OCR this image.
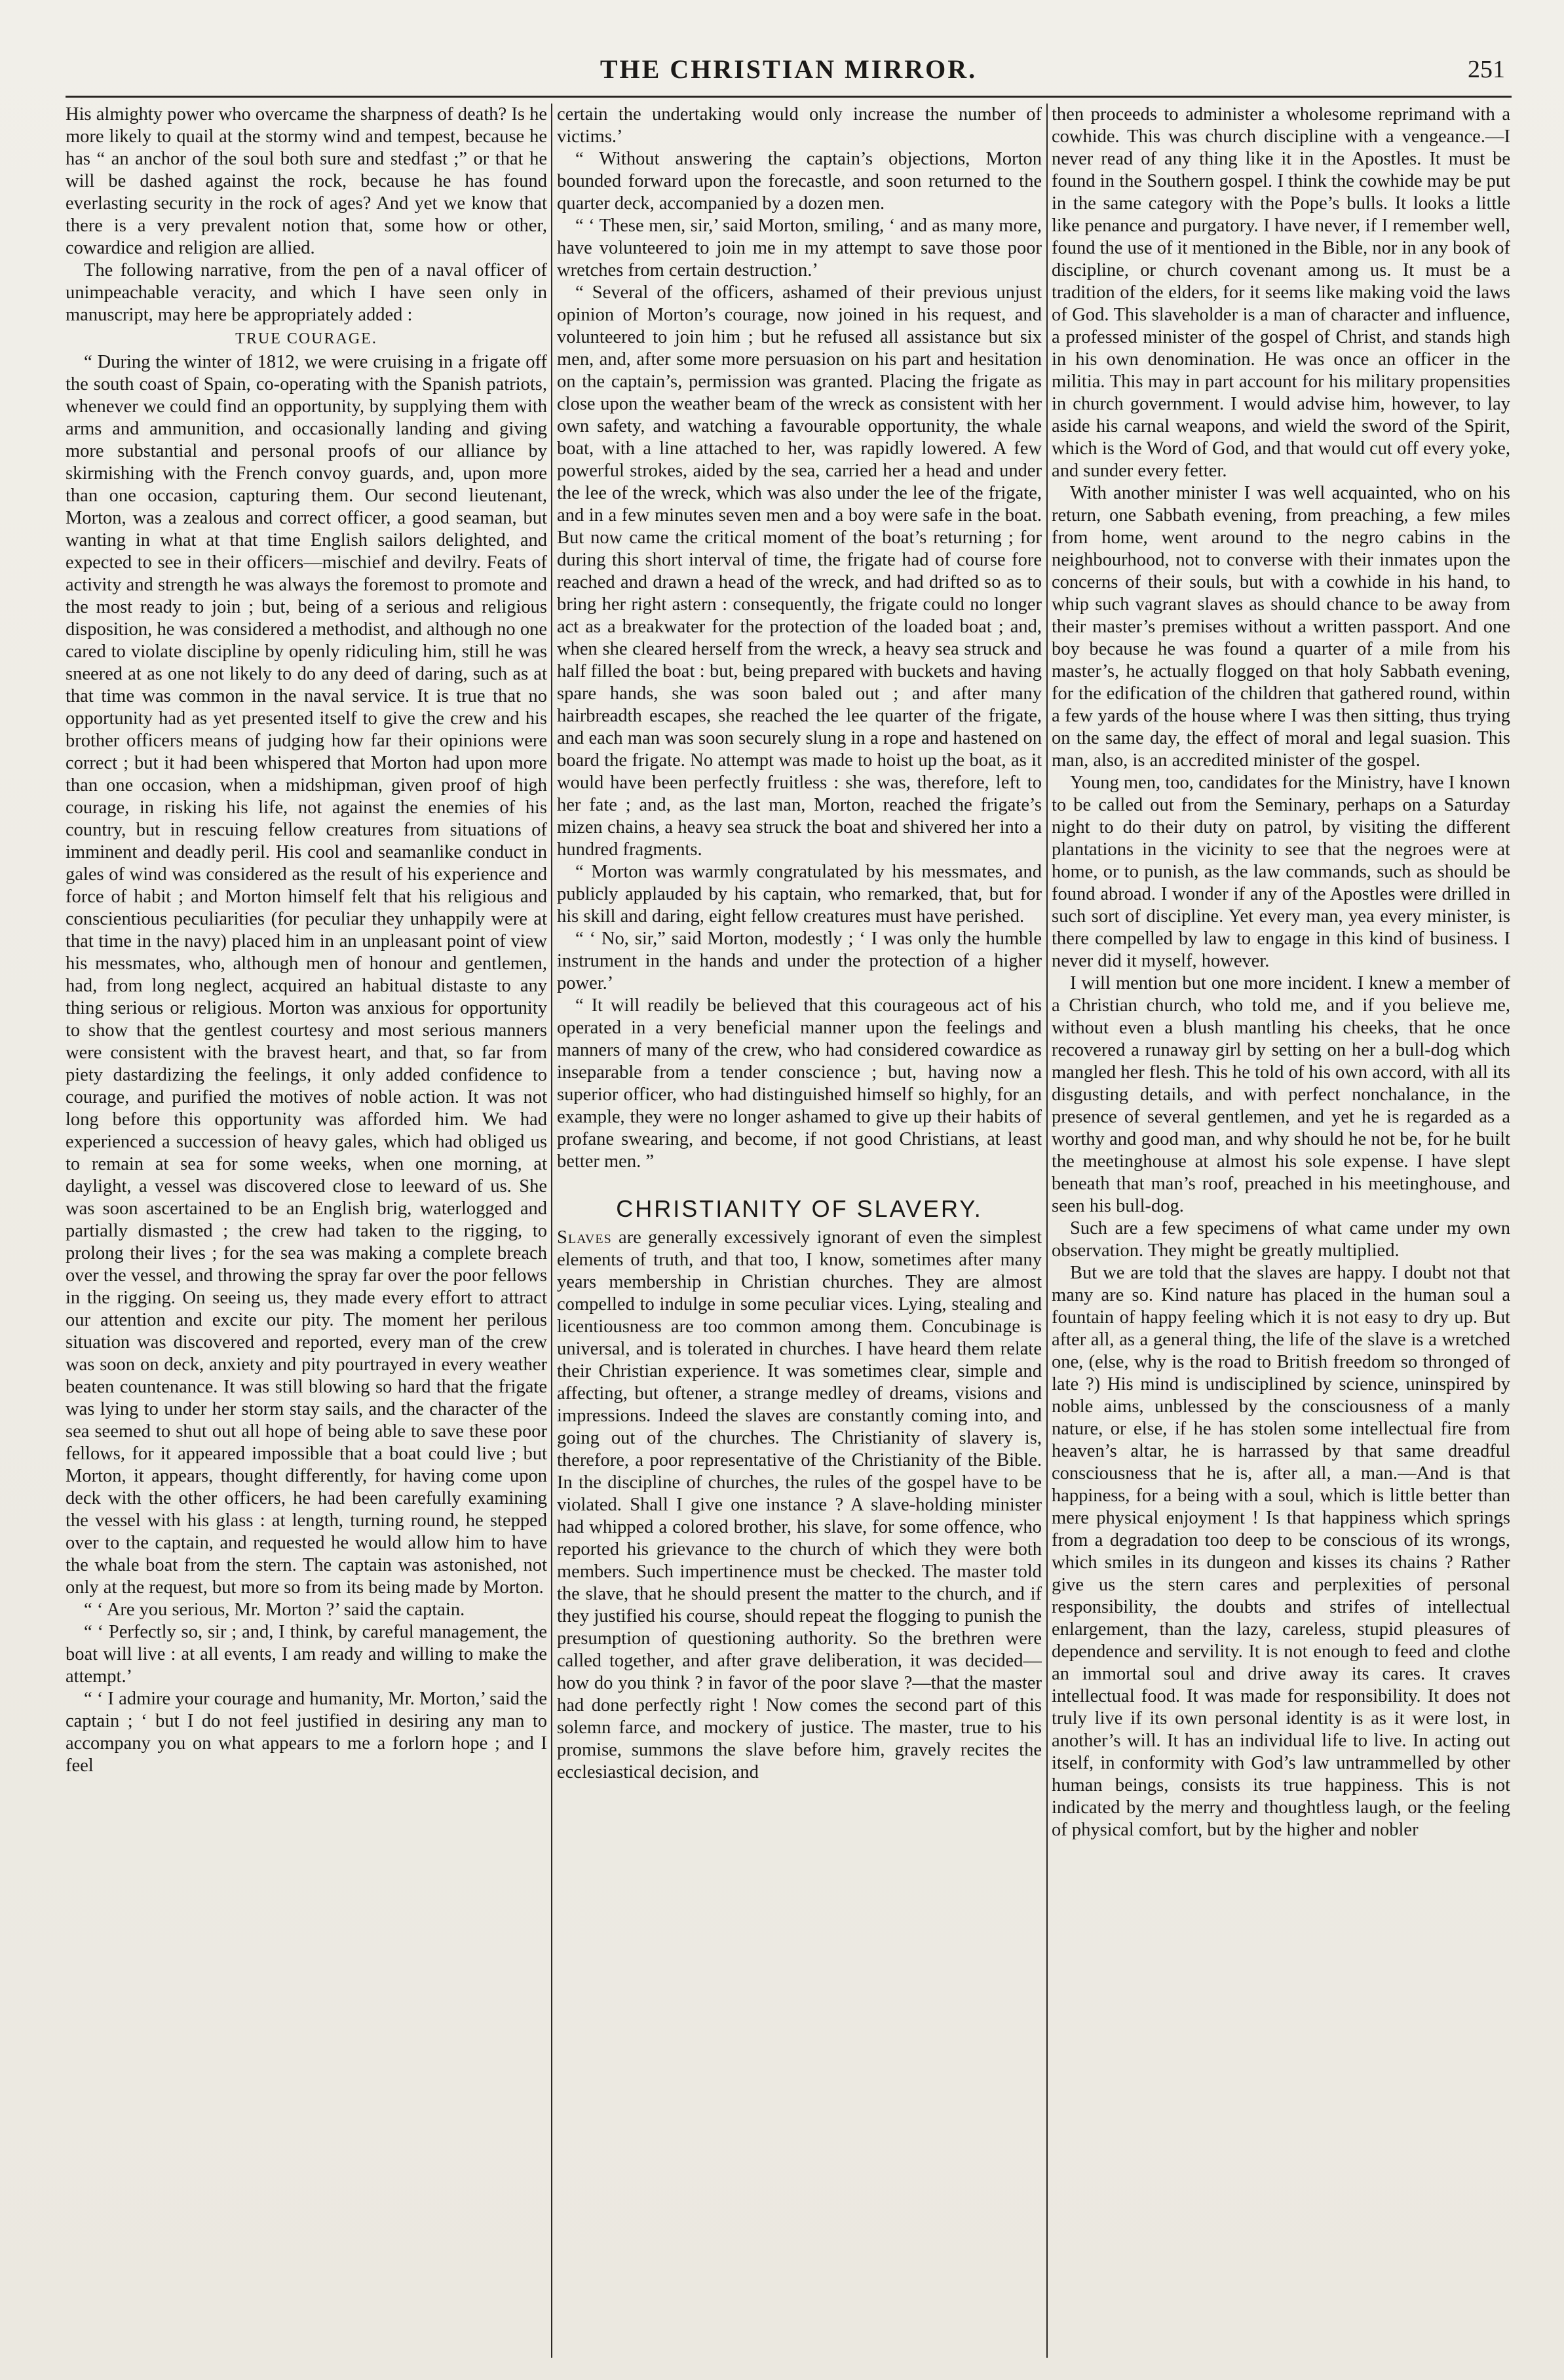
THE CHRISTIAN MIRROR.	251

His almighty power who overcame the sharpness of death? Is he more likely to quail at the stormy wind and tempest, because he has “ an anchor of the soul both sure and stedfast ;” or that he will be dashed against the rock, because he has found everlasting security in the rock of ages? And yet we know that there is a very prevalent notion that, some how or other, cowardice and religion are allied.

The following narrative, from the pen of a naval officer of unimpeachable veracity, and which I have seen only in manuscript, may here be appropriately added :

TRUE COURAGE.

“ During the winter of 1812, we were cruising in a frigate off the south coast of Spain, co-operating with the Spanish patriots, whenever we could find an opportunity, by supplying them with arms and ammunition, and occasionally landing and giving more substantial and personal proofs of our alliance by skirmishing with the French convoy guards, and, upon more than one occasion, capturing them. Our second lieutenant, Morton, was a zealous and correct officer, a good seaman, but wanting in what at that time English sailors delighted, and expected to see in their officers—mischief and devilry. Feats of activity and strength he was always the foremost to promote and the most ready to join ; but, being of a serious and religious disposition, he was considered a methodist, and although no one cared to violate discipline by openly ridiculing him, still he was sneered at as one not likely to do any deed of daring, such as at that time was common in the naval service. It is true that no opportunity had as yet presented itself to give the crew and his brother officers means of judging how far their opinions were correct ; but it had been whispered that Morton had upon more than one occasion, when a midshipman, given proof of high courage, in risking his life, not against the enemies of his country, but in rescuing fellow creatures from situations of imminent and deadly peril. His cool and seamanlike conduct in gales of wind was considered as the result of his experience and force of habit ; and Morton himself felt that his religious and conscientious peculiarities (for peculiar they unhappily were at that time in the navy) placed him in an unpleasant point of view his messmates, who, although men of honour and gentlemen, had, from long neglect, acquired an habitual distaste to any thing serious or religious. Morton was anxious for opportunity to show that the gentlest courtesy and most serious manners were consistent with the bravest heart, and that, so far from piety dastardizing the feelings, it only added confidence to courage, and purified the motives of noble action. It was not long before this opportunity was afforded him. We had experienced a succession of heavy gales, which had obliged us to remain at sea for some weeks, when one morning, at daylight, a vessel was discovered close to leeward of us. She was soon ascertained to be an English brig, waterlogged and partially dismasted ; the crew had taken to the rigging, to prolong their lives ; for the sea was making a complete breach over the vessel, and throwing the spray far over the poor fellows in the rigging. On seeing us, they made every effort to attract our attention and excite our pity. The moment her perilous situation was discovered and reported, every man of the crew was soon on deck, anxiety and pity pourtrayed in every weather beaten countenance. It was still blowing so hard that the frigate was lying to under her storm stay sails, and the character of the sea seemed to shut out all hope of being able to save these poor fellows, for it appeared impossible that a boat could live ; but Morton, it appears, thought differently, for having come upon deck with the other officers, he had been carefully examining the vessel with his glass : at length, turning round, he stepped over to the captain, and requested he would allow him to have the whale boat from the stern. The captain was astonished, not only at the request, but more so from its being made by Morton.

“ ‘ Are you serious, Mr. Morton ?’ said the captain.

“ ‘ Perfectly so, sir ; and, I think, by careful management, the boat will live : at all events, I am ready and willing to make the attempt.’

“ ‘ I admire your courage and humanity, Mr. Morton,’ said the captain ; ‘ but I do not feel justified in desiring any man to accompany you on what appears to me a forlorn hope ; and I feel

certain the undertaking would only increase the number of victims.’

“ Without answering the captain’s objections, Morton bounded forward upon the forecastle, and soon returned to the quarter deck, accompanied by a dozen men.

“ ‘ These men, sir,’ said Morton, smiling, ‘ and as many more, have volunteered to join me in my attempt to save those poor wretches from certain destruction.’

“ Several of the officers, ashamed of their previous unjust opinion of Morton’s courage, now joined in his request, and volunteered to join him ; but he refused all assistance but six men, and, after some more persuasion on his part and hesitation on the captain’s, permission was granted. Placing the frigate as close upon the weather beam of the wreck as consistent with her own safety, and watching a favourable opportunity, the whale boat, with a line attached to her, was rapidly lowered. A few powerful strokes, aided by the sea, carried her a head and under the lee of the wreck, which was also under the lee of the frigate, and in a few minutes seven men and a boy were safe in the boat. But now came the critical moment of the boat’s returning ; for during this short interval of time, the frigate had of course fore reached and drawn a head of the wreck, and had drifted so as to bring her right astern : consequently, the frigate could no longer act as a breakwater for the protection of the loaded boat ; and, when she cleared herself from the wreck, a heavy sea struck and half filled the boat : but, being prepared with buckets and having spare hands, she was soon baled out ; and after many hairbreadth escapes, she reached the lee quarter of the frigate, and each man was soon securely slung in a rope and hastened on board the frigate. No attempt was made to hoist up the boat, as it would have been perfectly fruitless : she was, therefore, left to her fate ; and, as the last man, Morton, reached the frigate’s mizen chains, a heavy sea struck the boat and shivered her into a hundred fragments.

“ Morton was warmly congratulated by his messmates, and publicly applauded by his captain, who remarked, that, but for his skill and daring, eight fellow creatures must have perished.

“ ‘ No, sir,” said Morton, modestly ; ‘ I was only the humble instrument in the hands and under the protection of a higher power.’

“ It will readily be believed that this courageous act of his operated in a very beneficial manner upon the feelings and manners of many of the crew, who had considered cowardice as inseparable from a tender conscience ; but, having now a superior officer, who had distinguished himself so highly, for an example, they were no longer ashamed to give up their habits of profane swearing, and become, if not good Christians, at least better men. ”

CHRISTIANITY OF SLAVERY.

Slaves are generally excessively ignorant of even the simplest elements of truth, and that too, I know, sometimes after many years membership in Christian churches. They are almost compelled to indulge in some peculiar vices. Lying, stealing and licentiousness are too common among them. Concubinage is universal, and is tolerated in churches. I have heard them relate their Christian experience. It was sometimes clear, simple and affecting, but oftener, a strange medley of dreams, visions and impressions. Indeed the slaves are constantly coming into, and going out of the churches. The Christianity of slavery is, therefore, a poor representative of the Christianity of the Bible. In the discipline of churches, the rules of the gospel have to be violated. Shall I give one instance ? A slave-holding minister had whipped a colored brother, his slave, for some offence, who reported his grievance to the church of which they were both members. Such impertinence must be checked. The master told the slave, that he should present the matter to the church, and if they justified his course, should repeat the flogging to punish the presumption of questioning authority. So the brethren were called together, and after grave deliberation, it was decided—how do you think ? in favor of the poor slave ?—that the master had done perfectly right ! Now comes the second part of this solemn farce, and mockery of justice. The master, true to his promise, summons the slave before him, gravely recites the ecclesiastical decision, and

then proceeds to administer a wholesome reprimand with a cowhide. This was church discipline with a vengeance.—I never read of any thing like it in the Apostles. It must be found in the Southern gospel. I think the cowhide may be put in the same category with the Pope’s bulls. It looks a little like penance and purgatory. I have never, if I remember well, found the use of it mentioned in the Bible, nor in any book of discipline, or church covenant among us. It must be a tradition of the elders, for it seems like making void the laws of God. This slaveholder is a man of character and influence, a professed minister of the gospel of Christ, and stands high in his own denomination. He was once an officer in the militia. This may in part account for his military propensities in church government. I would advise him, however, to lay aside his carnal weapons, and wield the sword of the Spirit, which is the Word of God, and that would cut off every yoke, and sunder every fetter.

With another minister I was well acquainted, who on his return, one Sabbath evening, from preaching, a few miles from home, went around to the negro cabins in the neighbourhood, not to converse with their inmates upon the concerns of their souls, but with a cowhide in his hand, to whip such vagrant slaves as should chance to be away from their master’s premises without a written passport. And one boy because he was found a quarter of a mile from his master’s, he actually flogged on that holy Sabbath evening, for the edification of the children that gathered round, within a few yards of the house where I was then sitting, thus trying on the same day, the effect of moral and legal suasion. This man, also, is an accredited minister of the gospel.

Young men, too, candidates for the Ministry, have I known to be called out from the Seminary, perhaps on a Saturday night to do their duty on patrol, by visiting the different plantations in the vicinity to see that the negroes were at home, or to punish, as the law commands, such as should be found abroad. I wonder if any of the Apostles were drilled in such sort of discipline. Yet every man, yea every minister, is there compelled by law to engage in this kind of business. I never did it myself, however.

I will mention but one more incident. I knew a member of a Christian church, who told me, and if you believe me, without even a blush mantling his cheeks, that he once recovered a runaway girl by setting on her a bull-dog which mangled her flesh. This he told of his own accord, with all its disgusting details, and with perfect nonchalance, in the presence of several gentlemen, and yet he is regarded as a worthy and good man, and why should he not be, for he built the meetinghouse at almost his sole expense. I have slept beneath that man’s roof, preached in his meetinghouse, and seen his bull-dog.

Such are a few specimens of what came under my own observation. They might be greatly multiplied.

But we are told that the slaves are happy. I doubt not that many are so. Kind nature has placed in the human soul a fountain of happy feeling which it is not easy to dry up. But after all, as a general thing, the life of the slave is a wretched one, (else, why is the road to British freedom so thronged of late ?) His mind is undisciplined by science, uninspired by noble aims, unblessed by the consciousness of a manly nature, or else, if he has stolen some intellectual fire from heaven’s altar, he is harrassed by that same dreadful consciousness that he is, after all, a man.—And is that happiness, for a being with a soul, which is little better than mere physical enjoyment ! Is that happiness which springs from a degradation too deep to be conscious of its wrongs, which smiles in its dungeon and kisses its chains ? Rather give us the stern cares and perplexities of personal responsibility, the doubts and strifes of intellectual enlargement, than the lazy, careless, stupid pleasures of dependence and servility. It is not enough to feed and clothe an immortal soul and drive away its cares. It craves intellectual food. It was made for responsibility. It does not truly live if its own personal identity is as it were lost, in another’s will. It has an individual life to live. In acting out itself, in conformity with God’s law untrammelled by other human beings, consists its true happiness. This is not indicated by the merry and thoughtless laugh, or the feeling of physical comfort, but by the higher and nobler
